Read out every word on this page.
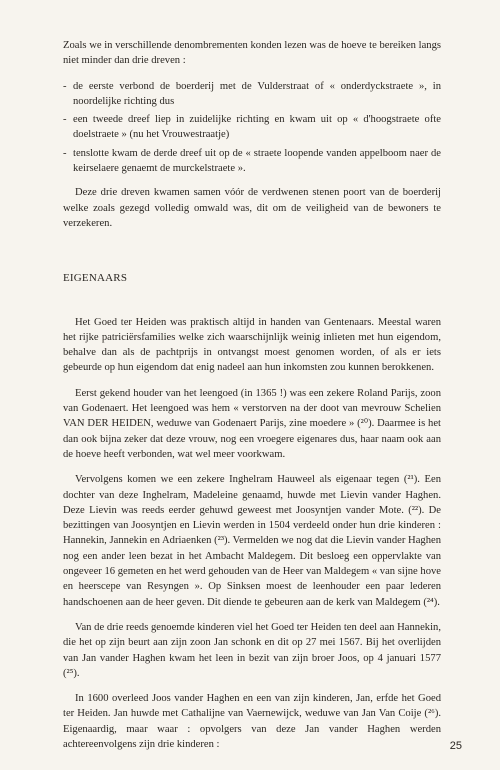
Zoals we in verschillende denombrementen konden lezen was de hoeve te bereiken langs niet minder dan drie dreven :

- de eerste verbond de boerderij met de Vulderstraat of « onderdyckstraete », in noordelijke richting dus
- een tweede dreef liep in zuidelijke richting en kwam uit op « d'hoogstraete ofte doelstraete » (nu het Vrouwestraatje)
- tenslotte kwam de derde dreef uit op de « straete loopende vanden appelboom naer de keirselaere genaemt de murckelstraete ».

Deze drie dreven kwamen samen vóór de verdwenen stenen poort van de boerderij welke zoals gezegd volledig omwald was, dit om de veiligheid van de bewoners te verzekeren.

EIGENAARS

Het Goed ter Heiden was praktisch altijd in handen van Gentenaars. Meestal waren het rijke patriciërsfamilies welke zich waarschijnlijk weinig inlieten met hun eigendom, behalve dan als de pachtprijs in ontvangst moest genomen worden, of als er iets gebeurde op hun eigendom dat enig nadeel aan hun inkomsten zou kunnen berokkenen.

Eerst gekend houder van het leengoed (in 1365 !) was een zekere Roland Parijs, zoon van Godenaert. Het leengoed was hem « verstorven na der doot van mevrouw Schelien VAN DER HEIDEN, weduwe van Godenaert Parijs, zine moedere » (²⁰). Daarmee is het dan ook bijna zeker dat deze vrouw, nog een vroegere eigenares dus, haar naam ook aan de hoeve heeft verbonden, wat wel meer voorkwam.

Vervolgens komen we een zekere Inghelram Hauweel als eigenaar tegen (²¹). Een dochter van deze Inghelram, Madeleine genaamd, huwde met Lievin vander Haghen. Deze Lievin was reeds eerder gehuwd geweest met Joosyntjen vander Mote. (²²). De bezittingen van Joosyntjen en Lievin werden in 1504 verdeeld onder hun drie kinderen : Hannekin, Jannekin en Adriaenken (²³). Vermelden we nog dat die Lievin vander Haghen nog een ander leen bezat in het Ambacht Maldegem. Dit besloeg een oppervlakte van ongeveer 16 gemeten en het werd gehouden van de Heer van Maldegem « van sijne hove en heerscepe van Resyngen ». Op Sinksen moest de leenhouder een paar lederen handschoenen aan de heer geven. Dit diende te gebeuren aan de kerk van Maldegem (²⁴).

Van de drie reeds genoemde kinderen viel het Goed ter Heiden ten deel aan Hannekin, die het op zijn beurt aan zijn zoon Jan schonk en dit op 27 mei 1567. Bij het overlijden van Jan vander Haghen kwam het leen in bezit van zijn broer Joos, op 4 januari 1577 (²⁵).

In 1600 overleed Joos vander Haghen en een van zijn kinderen, Jan, erfde het Goed ter Heiden. Jan huwde met Cathalijne van Vaernewijck, weduwe van Jan Van Coije (²⁶). Eigenaardig, maar waar : opvolgers van deze Jan vander Haghen werden achtereenvolgens zijn drie kinderen :	25
